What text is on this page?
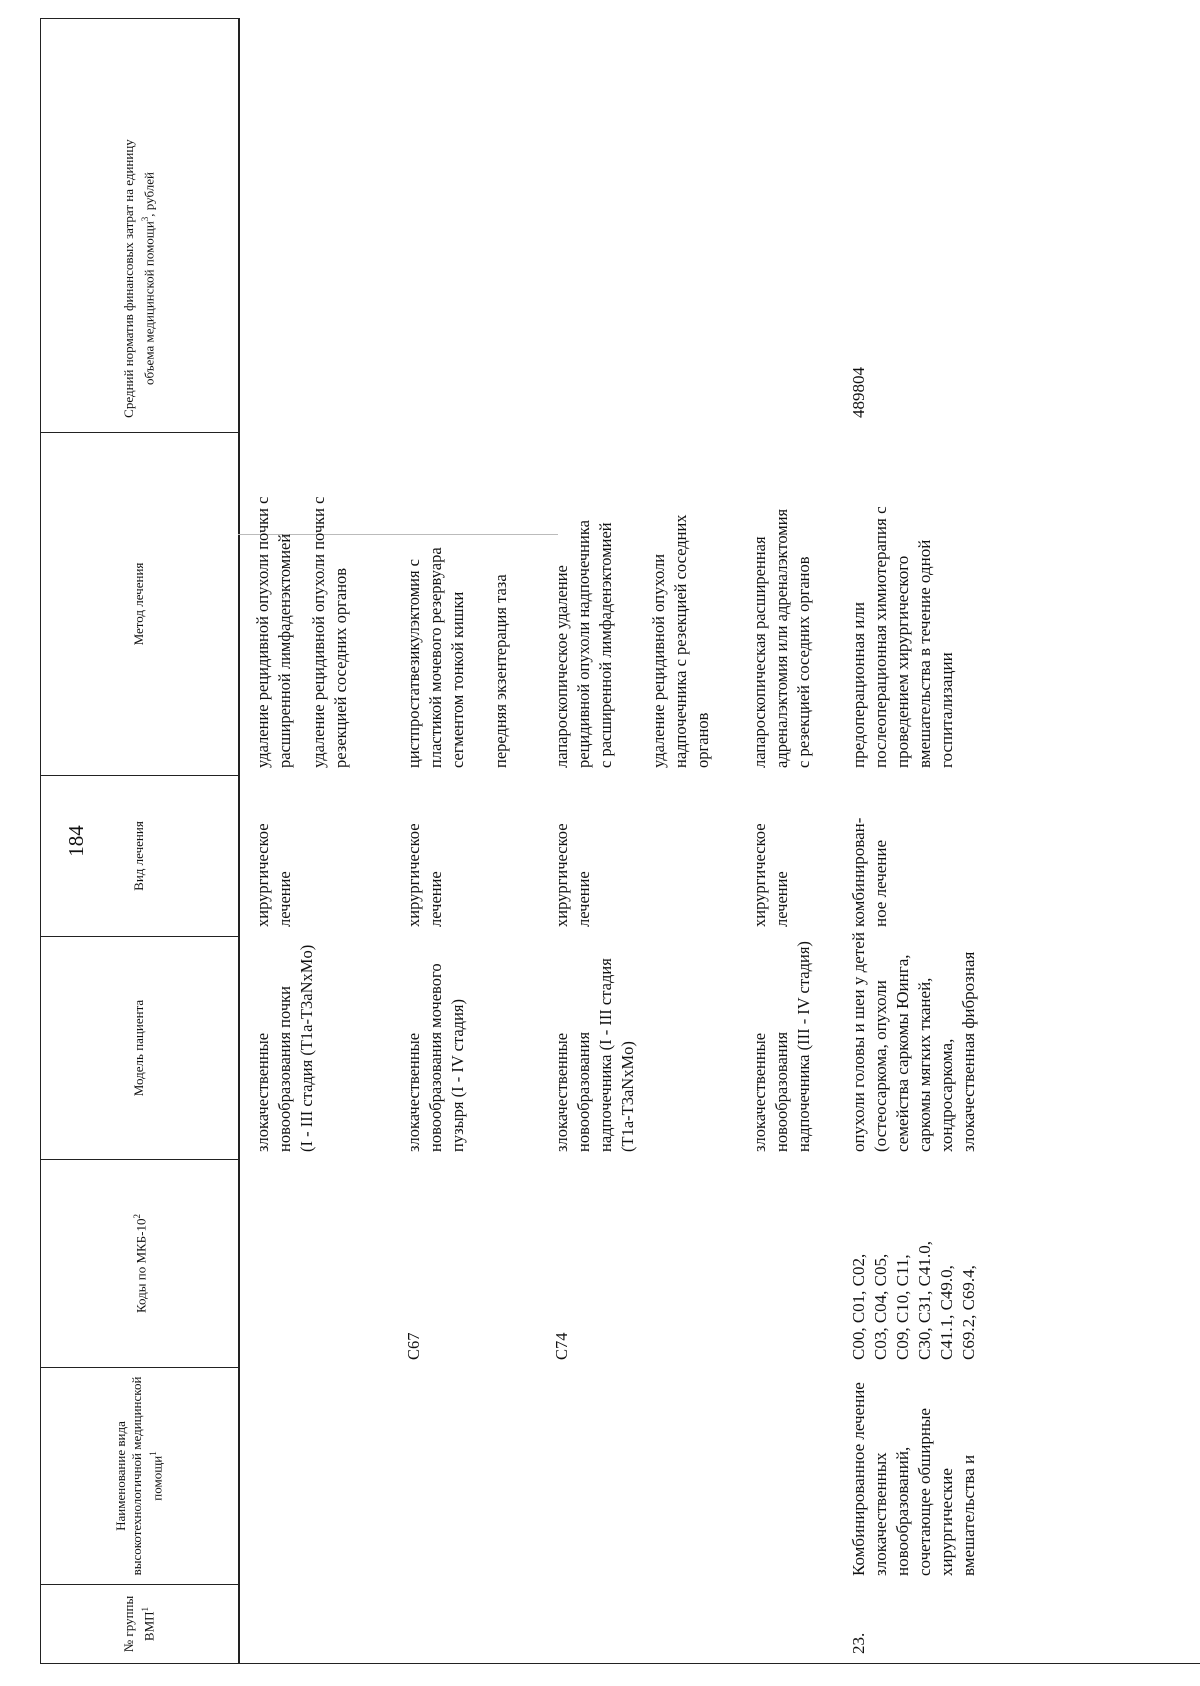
184
№ группы ВМП$^1$
Наименование вида высокотехнологичной медицинской помощи$^1$
Коды по МКБ-$10^2$
Модель пациента
Вид лечения
Метод лечения
Средний норматив финансовых затрат на единицу объема медицинской помощи$^3$, рублей
злокачественные
новообразования почки
(I - III стадия (T1a-T3aNxMo)
хирургическое
лечение
удаление рецидивной опухоли почки с
расширенной лимфаденэктомией
удаление рецидивной опухоли почки с
резекцией соседних органов
C67
злокачественные
новообразования мочевого
пузыря (I - IV стадия)
хирургическое
лечение
цистпростатвезикулэктомия с
пластикой мочевого резервуара
сегментом тонкой кишки передняя экзентерация таза
C74
злокачественные
новообразования
надпочечника (I - III стадия
(T1a-T3aNxMo)
хирургическое
лечение
лапароскопическое удаление
рецидивной опухоли надпочечника
с расширенной лимфаденэктомией
удаление рецидивной опухоли
надпочечника с резекцией соседних
органов
злокачественные
новообразования
надпочечника (III - IV стадия)
хирургическое
лечение
лапароскопическая расширенная
адреналэктомия или адреналэктомия
с резекцией соседних органов
23.
Комбинированное лечение
злокачественных
новообразований,
сочетающее обширные
хирургические
вмешательства и
C00, C01, C02,
C03, C04, C05,
C09, C10, C11,
C30, C31, C41.0,
C41.1, C49.0,
C69.2, C69.4,
опухоли головы и шеи у детей
(остеосаркома, опухоли
семейства саркомы Юинга,
саркомы мягких тканей,
хондросаркома,
злокачественная фиброзная
комбинирован-
ное лечение
предоперационная или
послеоперационная химиотерапия с
проведением хирургического
вмешательства в течение одной
госпитализации
489804
